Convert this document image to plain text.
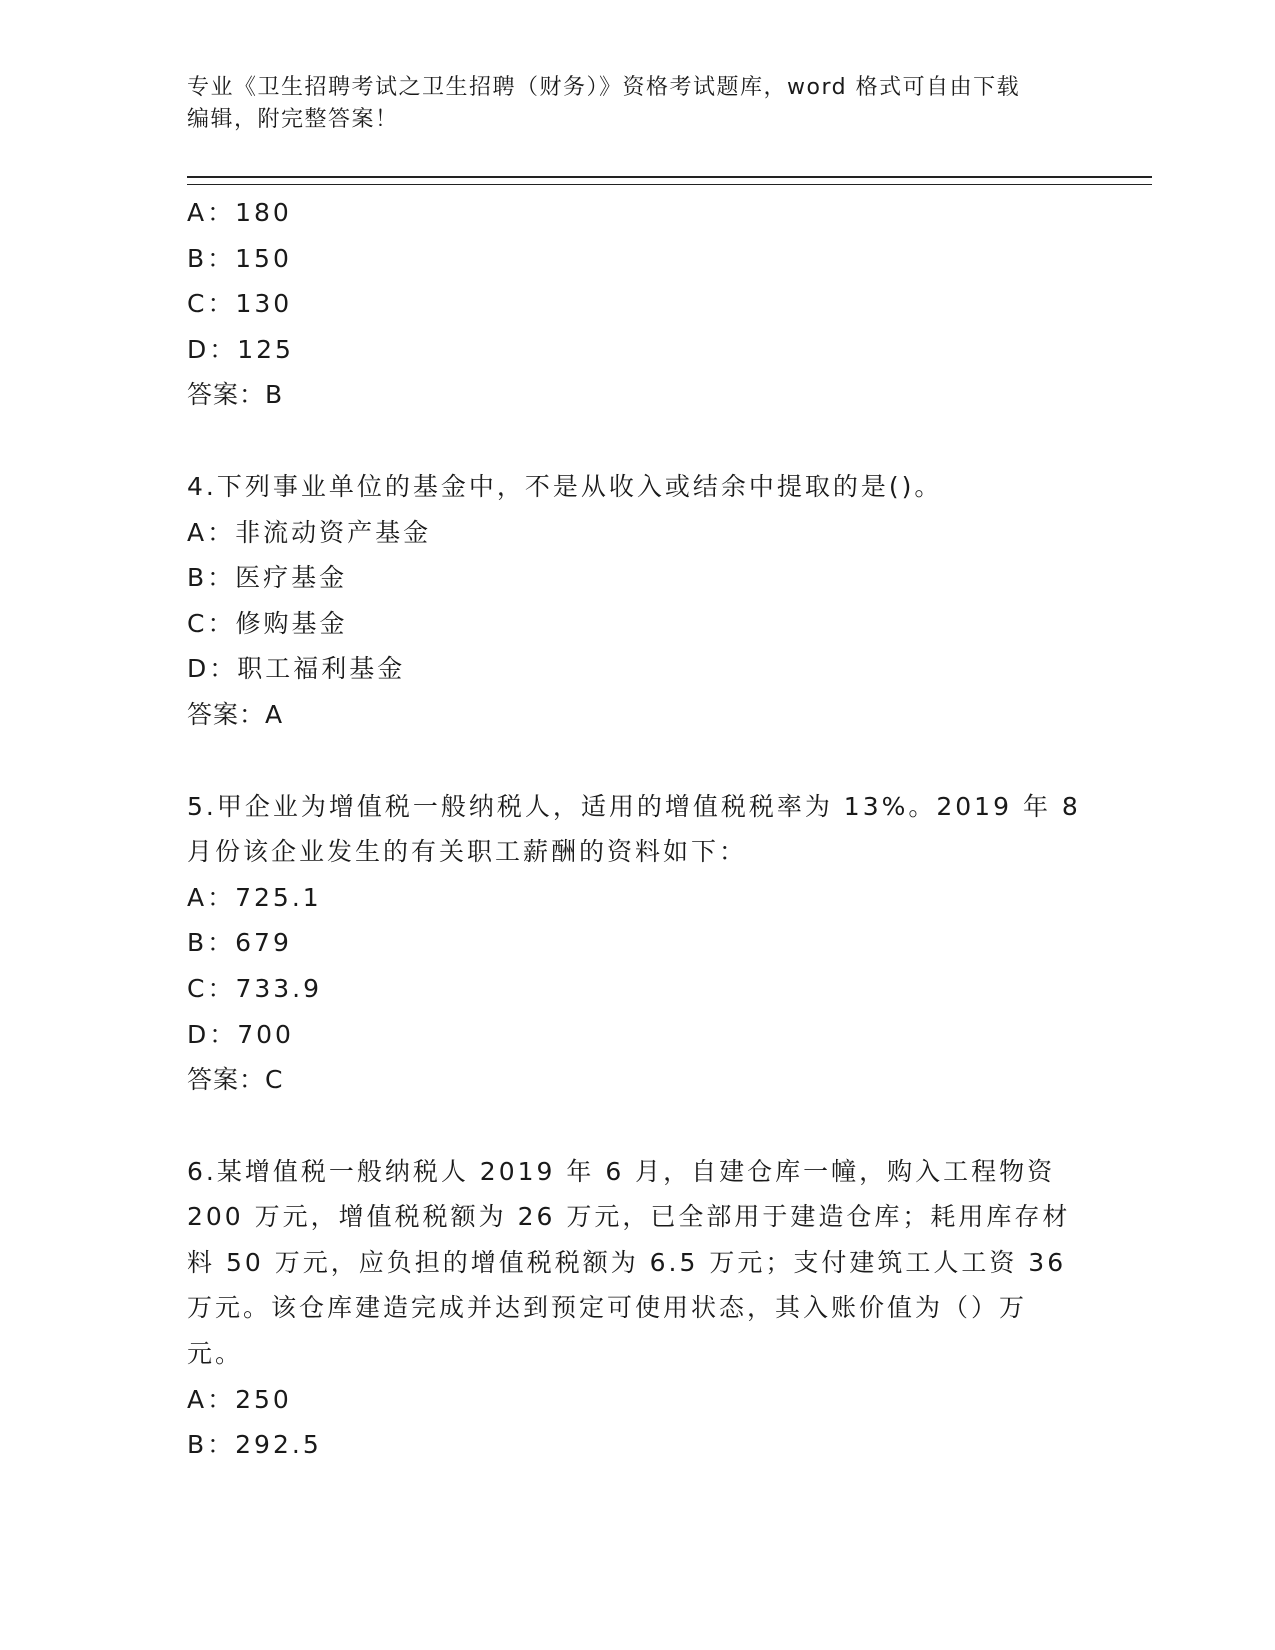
专业《卫生招聘考试之卫生招聘（财务）》资格考试题库，word 格式可自由下载
编辑，附完整答案！
A：180
B：150
C：130
D：125
答案：B
4.下列事业单位的基金中，不是从收入或结余中提取的是()。
A：非流动资产基金
B：医疗基金
C：修购基金
D：职工福利基金
答案：A
5.甲企业为增值税一般纳税人，适用的增值税税率为 13%。2019 年 8
月份该企业发生的有关职工薪酬的资料如下：
A：725.1
B：679
C：733.9
D：700
答案：C
6.某增值税一般纳税人 2019 年 6 月，自建仓库一幢，购入工程物资
200 万元，增值税税额为 26 万元，已全部用于建造仓库；耗用库存材
料 50 万元，应负担的增值税税额为 6.5 万元；支付建筑工人工资 36
万元。该仓库建造完成并达到预定可使用状态，其入账价值为（）万
元。
A：250
B：292.5
